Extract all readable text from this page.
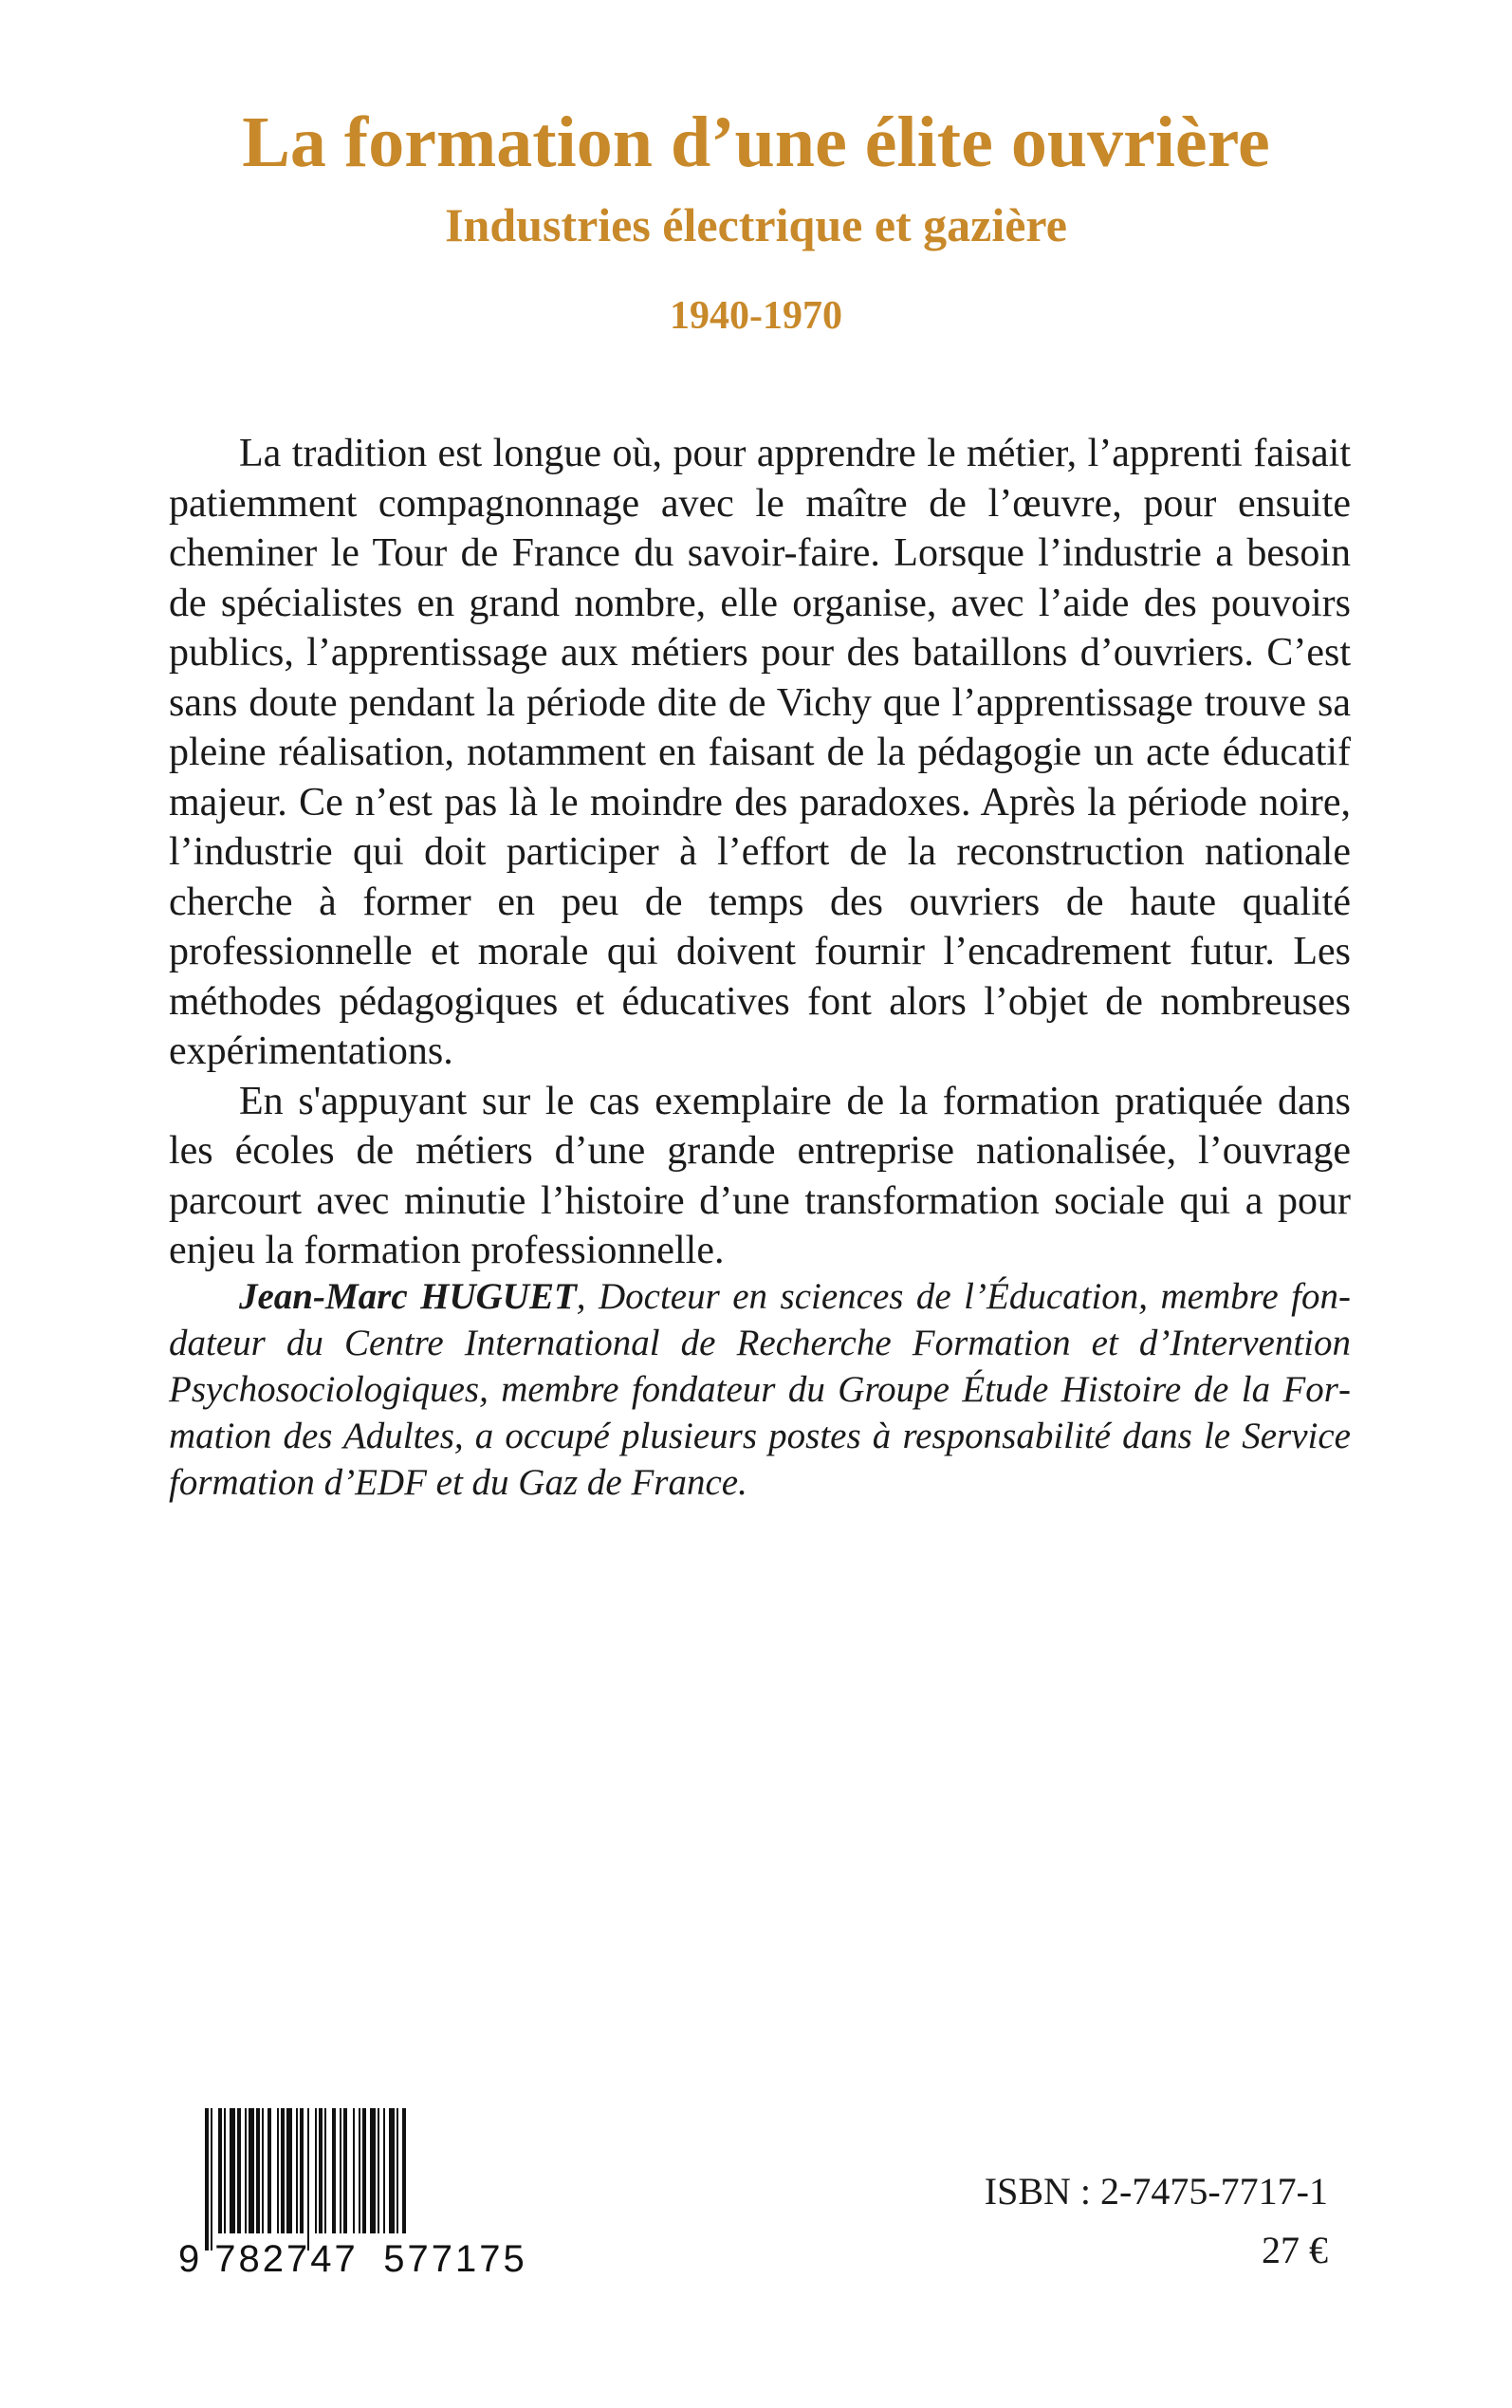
La formation d’une élite ouvrière
Industries électrique et gazière
1940-1970

La tradition est longue où, pour apprendre le métier, l’apprenti faisait patiemment compagnonnage avec le maître de l’œuvre, pour ensuite cheminer le Tour de France du savoir-faire. Lorsque l’industrie a besoin de spécialistes en grand nombre, elle organise, avec l’aide des pouvoirs publics, l’apprentissage aux métiers pour des bataillons d’ouvriers. C’est sans doute pendant la période dite de Vichy que l’apprentissage trouve sa pleine réalisation, notamment en faisant de la pédagogie un acte éducatif majeur. Ce n’est pas là le moindre des paradoxes. Après la période noire, l’industrie qui doit participer à l’effort de la reconstruction nationale cherche à former en peu de temps des ouvriers de haute qualité professionnelle et morale qui doivent fournir l’encadrement futur. Les méthodes pédagogiques et éducatives font alors l’objet de nombreuses expérimentations.

En s'appuyant sur le cas exemplaire de la formation pratiquée dans les écoles de métiers d’une grande entreprise nationalisée, l’ouvrage parcourt avec minutie l’histoire d’une transformation sociale qui a pour enjeu la formation professionnelle.

Jean-Marc HUGUET, Docteur en sciences de l’Éducation, membre fondateur du Centre International de Recherche Formation et d’Intervention Psychosociologiques, membre fondateur du Groupe Étude Histoire de la Formation des Adultes, a occupé plusieurs postes à responsabilité dans le Service formation d’EDF et du Gaz de France.
9 782747 577175
ISBN : 2-7475-7717-1
27 €
